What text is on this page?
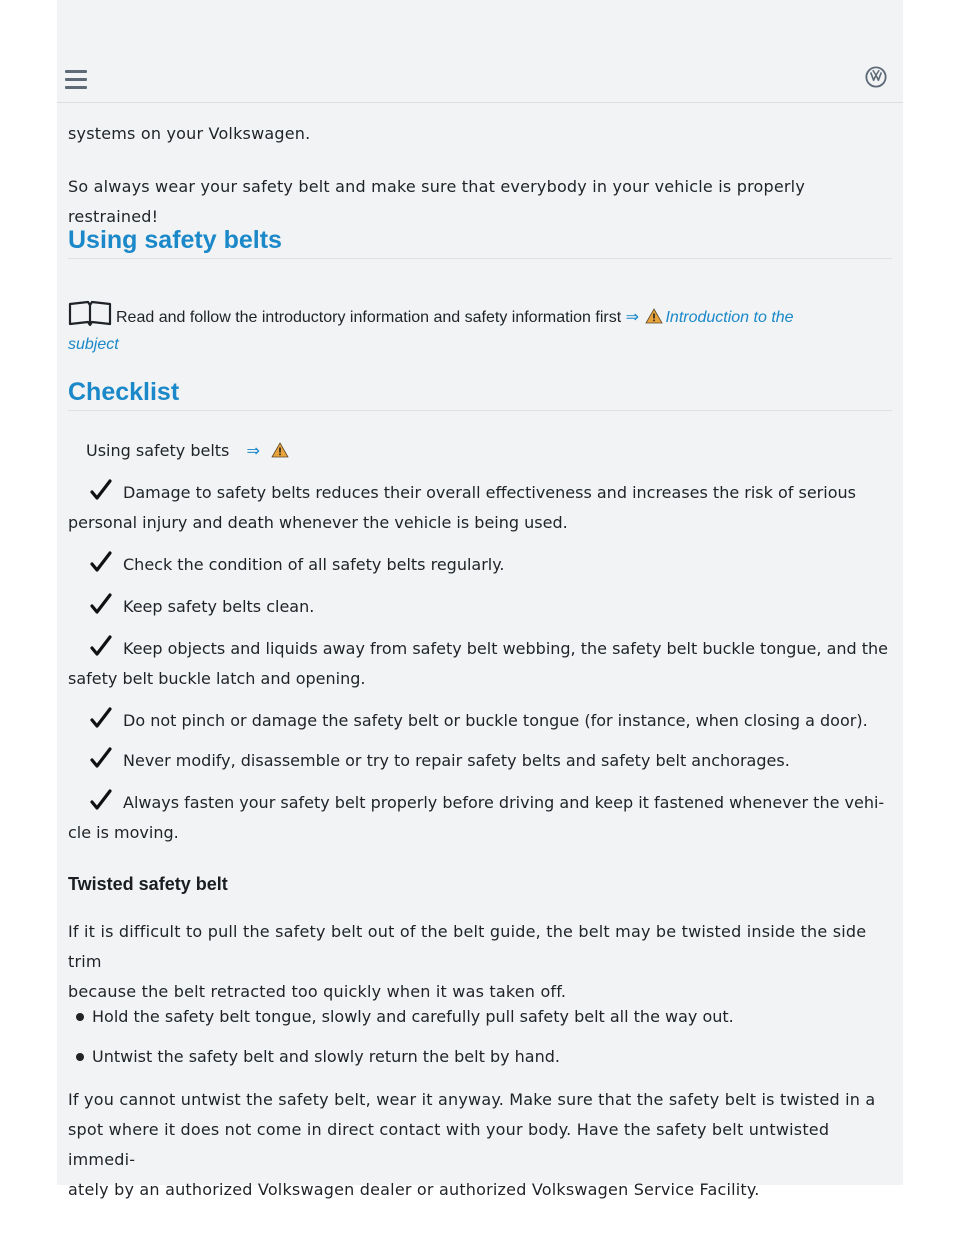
systems on your Volkswagen.

So always wear your safety belt and make sure that everybody in your vehicle is properly restrained!

Using safety belts
Read and follow the introductory information and safety information first ⇒ Introduction to the
subject
Checklist
Using safety belts ⇒
Damage to safety belts reduces their overall effectiveness and increases the risk of serious
personal injury and death whenever the vehicle is being used.
Check the condition of all safety belts regularly.
Keep safety belts clean.
Keep objects and liquids away from safety belt webbing, the safety belt buckle tongue, and the
safety belt buckle latch and opening.
Do not pinch or damage the safety belt or buckle tongue (for instance, when closing a door).
Never modify, disassemble or try to repair safety belts and safety belt anchorages.
Always fasten your safety belt properly before driving and keep it fastened whenever the vehi-
cle is moving.
Twisted safety belt

If it is difficult to pull the safety belt out of the belt guide, the belt may be twisted inside the side trim
because the belt retracted too quickly when it was taken off.

Hold the safety belt tongue, slowly and carefully pull safety belt all the way out.
Untwist the safety belt and slowly return the belt by hand.

If you cannot untwist the safety belt, wear it anyway. Make sure that the safety belt is twisted in a
spot where it does not come in direct contact with your body. Have the safety belt untwisted immedi-
ately by an authorized Volkswagen dealer or authorized Volkswagen Service Facility.
